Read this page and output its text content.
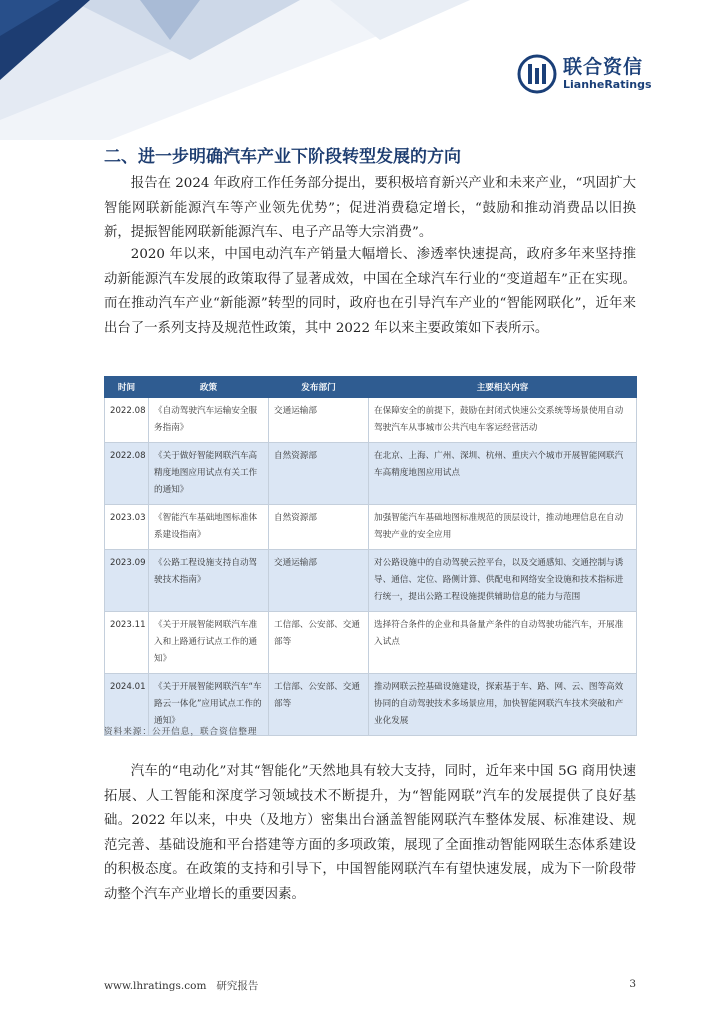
联合资信
LianheRatings
二、进一步明确汽车产业下阶段转型发展的方向

报告在 2024 年政府工作任务部分提出，要积极培育新兴产业和未来产业，“巩固扩大智能网联新能源汽车等产业领先优势”；促进消费稳定增长，“鼓励和推动消费品以旧换新，提振智能网联新能源汽车、电子产品等大宗消费”。

2020 年以来，中国电动汽车产销量大幅增长、渗透率快速提高，政府多年来坚持推动新能源汽车发展的政策取得了显著成效，中国在全球汽车行业的“变道超车”正在实现。而在推动汽车产业“新能源”转型的同时，政府也在引导汽车产业的“智能网联化”，近年来出台了一系列支持及规范性政策，其中 2022 年以来主要政策如下表所示。

时间	政策	发布部门	主要相关内容
2022.08	《自动驾驶汽车运输安全服务指南》	交通运输部	在保障安全的前提下，鼓励在封闭式快速公交系统等场景使用自动驾驶汽车从事城市公共汽电车客运经营活动
2022.08	《关于做好智能网联汽车高精度地图应用试点有关工作的通知》	自然资源部	在北京、上海、广州、深圳、杭州、重庆六个城市开展智能网联汽车高精度地图应用试点
2023.03	《智能汽车基础地图标准体系建设指南》	自然资源部	加强智能汽车基础地图标准规范的顶层设计，推动地理信息在自动驾驶产业的安全应用
2023.09	《公路工程设施支持自动驾驶技术指南》	交通运输部	对公路设施中的自动驾驶云控平台，以及交通感知、交通控制与诱导、通信、定位、路侧计算、供配电和网络安全设施和技术指标进行统一，提出公路工程设施提供辅助信息的能力与范围
2023.11	《关于开展智能网联汽车准入和上路通行试点工作的通知》	工信部、公安部、交通部等	选择符合条件的企业和具备量产条件的自动驾驶功能汽车，开展准入试点
2024.01	《关于开展智能网联汽车“车路云一体化”应用试点工作的通知》	工信部、公安部、交通部等	推动网联云控基础设施建设，探索基于车、路、网、云、图等高效协同的自动驾驶技术多场景应用，加快智能网联汽车技术突破和产业化发展

资料来源：公开信息，联合资信整理

汽车的“电动化”对其“智能化”天然地具有较大支持，同时，近年来中国 5G 商用快速拓展、人工智能和深度学习领域技术不断提升，为“智能网联”汽车的发展提供了良好基础。2022 年以来，中央（及地方）密集出台涵盖智能网联汽车整体发展、标准建设、规范完善、基础设施和平台搭建等方面的多项政策，展现了全面推动智能网联生态体系建设的积极态度。在政策的支持和引导下，中国智能网联汽车有望快速发展，成为下一阶段带动整个汽车产业增长的重要因素。

www.lhratings.com 研究报告	3
